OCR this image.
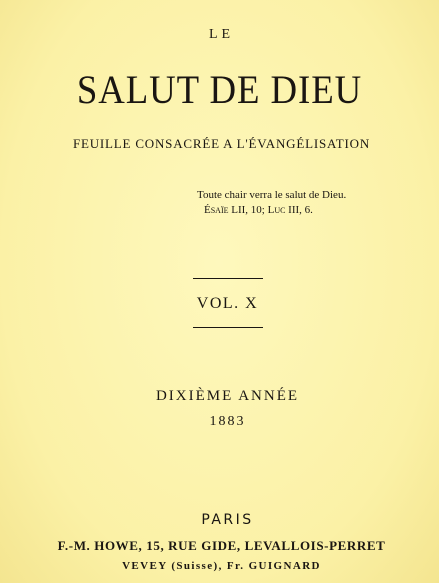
LE
SALUT DE DIEU
FEUILLE CONSACRÉE A L'ÉVANGÉLISATION
Toute chair verra le salut de Dieu.
Ésaïe LII, 10; Luc III, 6.
VOL. X
DIXIÈME ANNÉE
1883
PARIS
F.-M. HOWE, 15, RUE GIDE, LEVALLOIS-PERRET
VEVEY (Suisse), Fr. GUIGNARD
